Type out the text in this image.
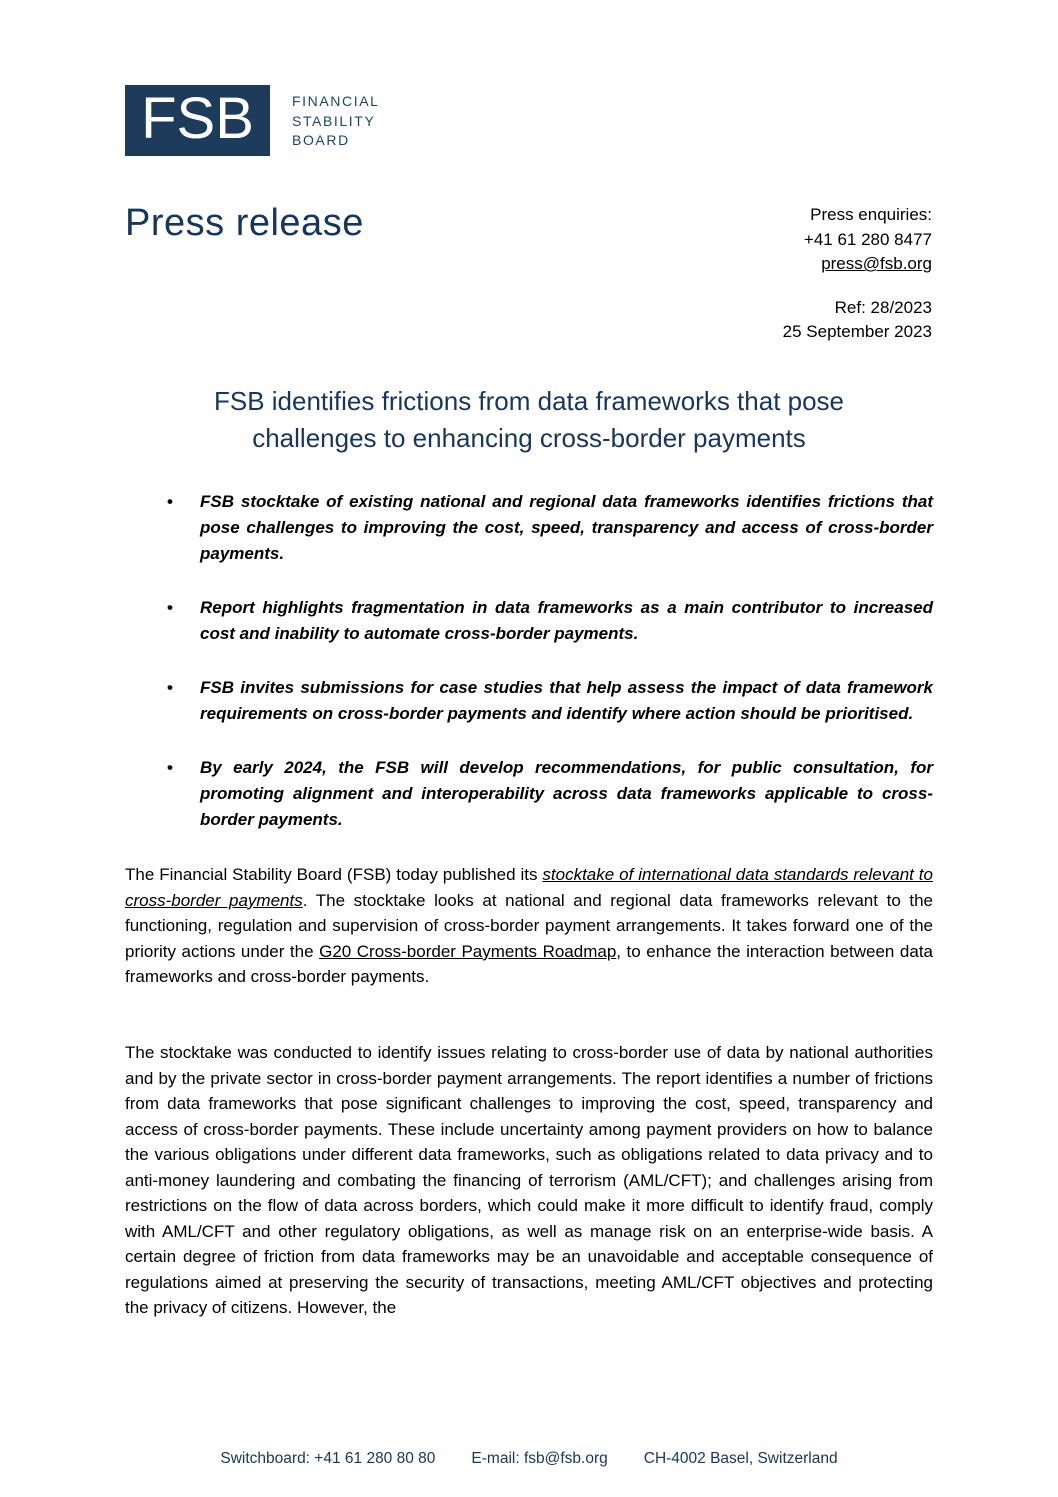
FSB	FINANCIAL
STABILITY
BOARD
Press release	Press enquiries:
+41 61 280 8477
press@fsb.org
Ref: 28/2023
25 September 2023
FSB identifies frictions from data frameworks that pose challenges to enhancing cross-border payments
• FSB stocktake of existing national and regional data frameworks identifies frictions that pose challenges to improving the cost, speed, transparency and access of cross-border payments.
• Report highlights fragmentation in data frameworks as a main contributor to increased cost and inability to automate cross-border payments.
• FSB invites submissions for case studies that help assess the impact of data framework requirements on cross-border payments and identify where action should be prioritised.
• By early 2024, the FSB will develop recommendations, for public consultation, for promoting alignment and interoperability across data frameworks applicable to cross-border payments.

The Financial Stability Board (FSB) today published its stocktake of international data standards relevant to cross-border payments. The stocktake looks at national and regional data frameworks relevant to the functioning, regulation and supervision of cross-border payment arrangements. It takes forward one of the priority actions under the G20 Cross-border Payments Roadmap, to enhance the interaction between data frameworks and cross-border payments.

The stocktake was conducted to identify issues relating to cross-border use of data by national authorities and by the private sector in cross-border payment arrangements. The report identifies a number of frictions from data frameworks that pose significant challenges to improving the cost, speed, transparency and access of cross-border payments. These include uncertainty among payment providers on how to balance the various obligations under different data frameworks, such as obligations related to data privacy and to anti-money laundering and combating the financing of terrorism (AML/CFT); and challenges arising from restrictions on the flow of data across borders, which could make it more difficult to identify fraud, comply with AML/CFT and other regulatory obligations, as well as manage risk on an enterprise-wide basis. A certain degree of friction from data frameworks may be an unavoidable and acceptable consequence of regulations aimed at preserving the security of transactions, meeting AML/CFT objectives and protecting the privacy of citizens. However, the

Switchboard: +41 61 280 80 80 E-mail: fsb@fsb.org CH-4002 Basel, Switzerland
